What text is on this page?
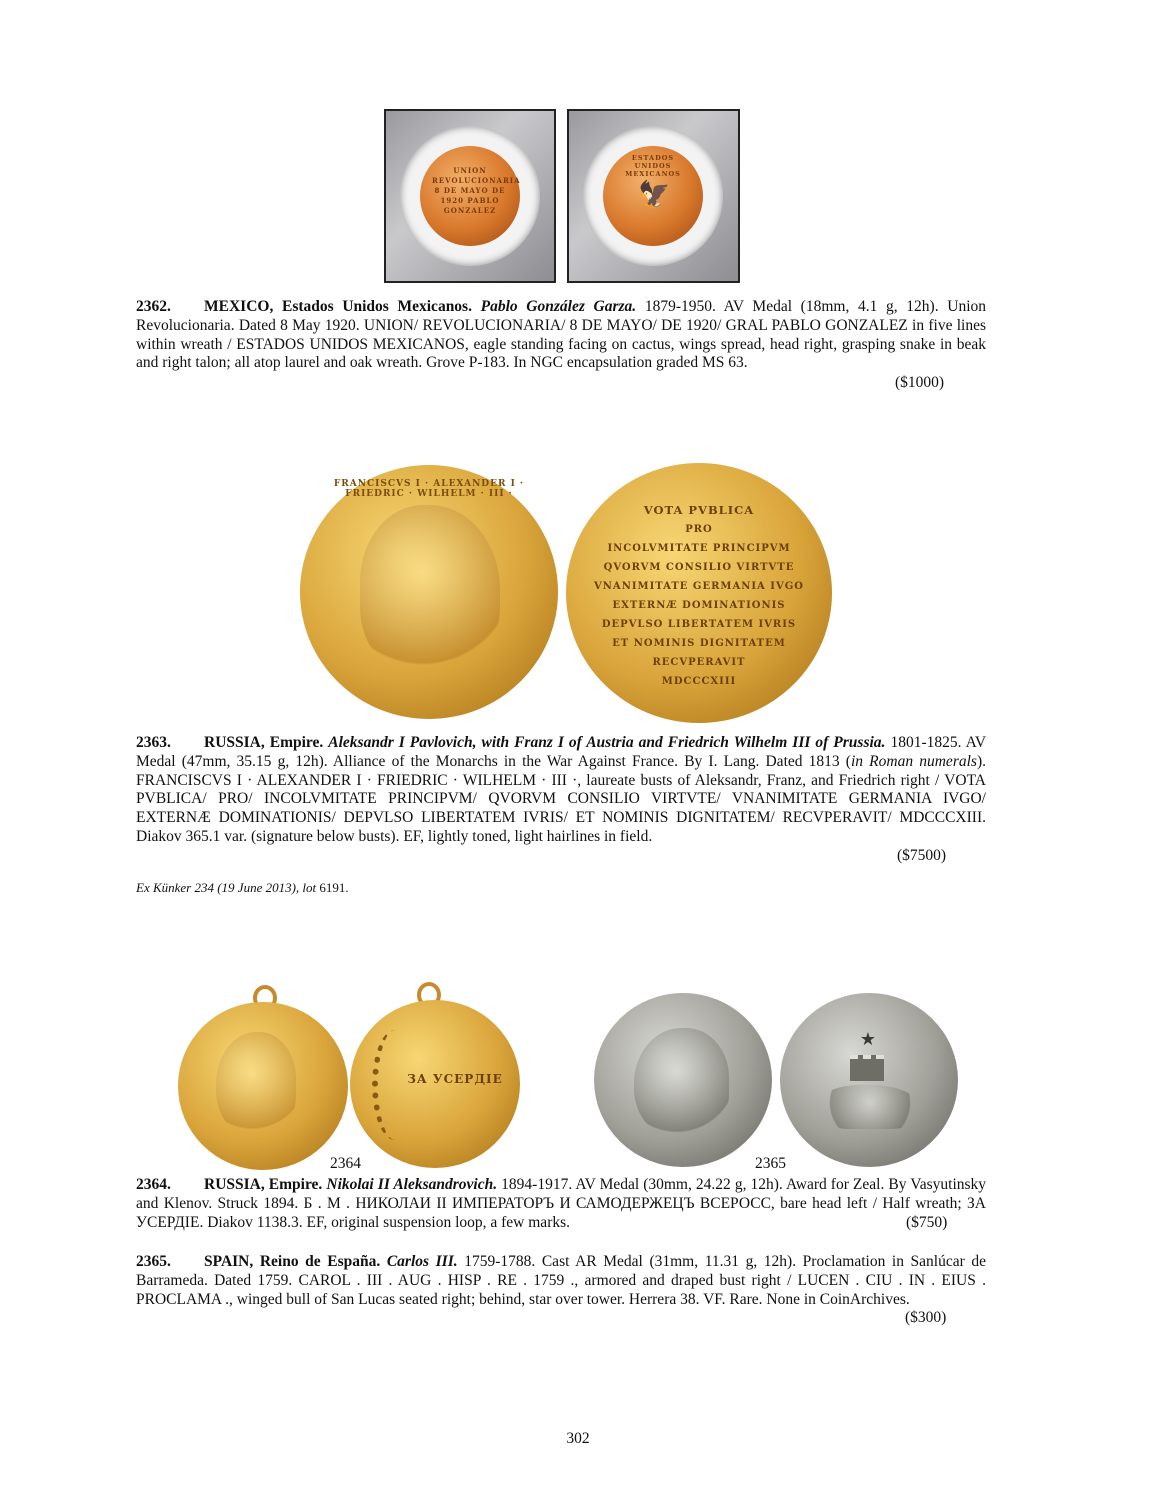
UNION REVOLUCIONARIA 8 DE MAYO DE 1920 PABLO GONZALEZ
ESTADOS UNIDOS MEXICANOS
🦅
2362. MEXICO, Estados Unidos Mexicanos. Pablo González Garza. 1879-1950. AV Medal (18mm, 4.1 g, 12h). Union Revolucionaria. Dated 8 May 1920. UNION/ REVOLUCIONARIA/ 8 DE MAYO/ DE 1920/ GRAL PABLO GONZALEZ in five lines within wreath / ESTADOS UNIDOS MEXICANOS, eagle standing facing on cactus, wings spread, head right, grasping snake in beak and right talon; all atop laurel and oak wreath. Grove P-183. In NGC encapsulation graded MS 63.
($1000)
FRANCISCVS I · ALEXANDER I · FRIEDRIC · WILHELM · III ·
VOTA PVBLICA
PRO
INCOLVMITATE PRINCIPVM
QVORVM CONSILIO VIRTVTE
VNANIMITATE GERMANIA IVGO
EXTERNÆ DOMINATIONIS
DEPVLSO LIBERTATEM IVRIS
ET NOMINIS DIGNITATEM
RECVPERAVIT
MDCCCXIII
2363. RUSSIA, Empire. Aleksandr I Pavlovich, with Franz I of Austria and Friedrich Wilhelm III of Prussia. 1801-1825. AV Medal (47mm, 35.15 g, 12h). Alliance of the Monarchs in the War Against France. By I. Lang. Dated 1813 (in Roman numerals). FRANCISCVS I · ALEXANDER I · FRIEDRIC · WILHELM · III ·, laureate busts of Aleksandr, Franz, and Friedrich right / VOTA PVBLICA/ PRO/ INCOLVMITATE PRINCIPVM/ QVORVM CONSILIO VIRTVTE/ VNANIMITATE GERMANIA IVGO/ EXTERNÆ DOMINATIONIS/ DEPVLSO LIBERTATEM IVRIS/ ET NOMINIS DIGNITATEM/ RECVPERAVIT/ MDCCCXIII. Diakov 365.1 var. (signature below busts). EF, lightly toned, light hairlines in field.
($7500)
Ex Künker 234 (19 June 2013), lot 6191.
ЗА УСЕРДІЕ
2364
★
2365
2364. RUSSIA, Empire. Nikolai II Aleksandrovich. 1894-1917. AV Medal (30mm, 24.22 g, 12h). Award for Zeal. By Vasyutinsky and Klenov. Struck 1894. Б . М . НИКОЛАИ II ИМПЕРАТОРЪ И САМОДЕРЖЕЦЪ ВСЕРОСС, bare head left / Half wreath; ЗА УСЕРДІЕ. Diakov 1138.3. EF, original suspension loop, a few marks.	($750)
2365. SPAIN, Reino de España. Carlos III. 1759-1788. Cast AR Medal (31mm, 11.31 g, 12h). Proclamation in Sanlúcar de Barrameda. Dated 1759. CAROL . III . AUG . HISP . RE . 1759 ., armored and draped bust right / LUCEN . CIU . IN . EIUS . PROCLAMA ., winged bull of San Lucas seated right; behind, star over tower. Herrera 38. VF. Rare. None in CoinArchives.
($300)
302
